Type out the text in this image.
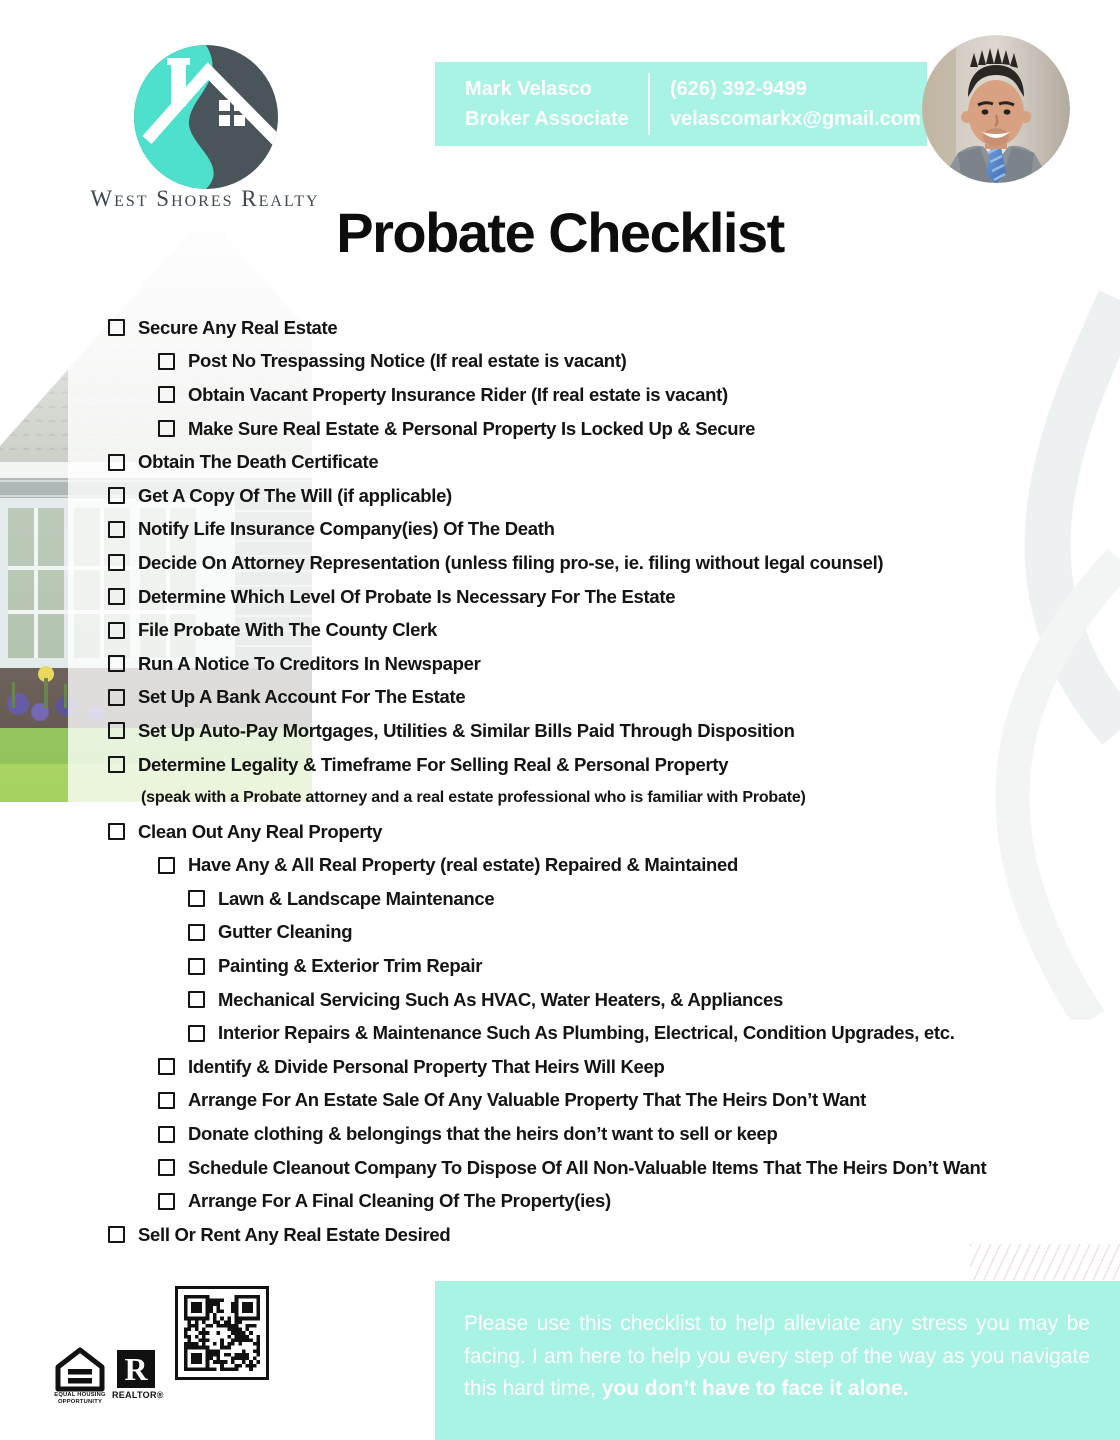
West Shores Realty
Mark Velasco
Broker Associate
(626) 392-9499
velascomarkx@gmail.com
Probate Checklist
Secure Any Real Estate
Post No Trespassing Notice (If real estate is vacant)
Obtain Vacant Property Insurance Rider (If real estate is vacant)
Make Sure Real Estate & Personal Property Is Locked Up & Secure
Obtain The Death Certificate
Get A Copy Of The Will (if applicable)
Notify Life Insurance Company(ies) Of The Death
Decide On Attorney Representation (unless filing pro-se, ie. filing without legal counsel)
Determine Which Level Of Probate Is Necessary For The Estate
File Probate With The County Clerk
Run A Notice To Creditors In Newspaper
Set Up A Bank Account For The Estate
Set Up Auto-Pay Mortgages, Utilities & Similar Bills Paid Through Disposition
Determine Legality & Timeframe For Selling Real & Personal Property
(speak with a Probate attorney and a real estate professional who is familiar with Probate)
Clean Out Any Real Property
Have Any & All Real Property (real estate) Repaired & Maintained
Lawn & Landscape Maintenance
Gutter Cleaning
Painting & Exterior Trim Repair
Mechanical Servicing Such As HVAC, Water Heaters, & Appliances
Interior Repairs & Maintenance Such As Plumbing, Electrical, Condition Upgrades, etc.
Identify & Divide Personal Property That Heirs Will Keep
Arrange For An Estate Sale Of Any Valuable Property That The Heirs Don’t Want
Donate clothing & belongings that the heirs don’t want to sell or keep
Schedule Cleanout Company To Dispose Of All Non-Valuable Items That The Heirs Don’t Want
Arrange For A Final Cleaning Of The Property(ies)
Sell Or Rent Any Real Estate Desired
Please use this checklist to help alleviate any stress you may be facing. I am here to help you every step of the way as you navigate this hard time, you don’t have to face it alone.
EQUAL HOUSING
OPPORTUNITY
R
REALTOR®
